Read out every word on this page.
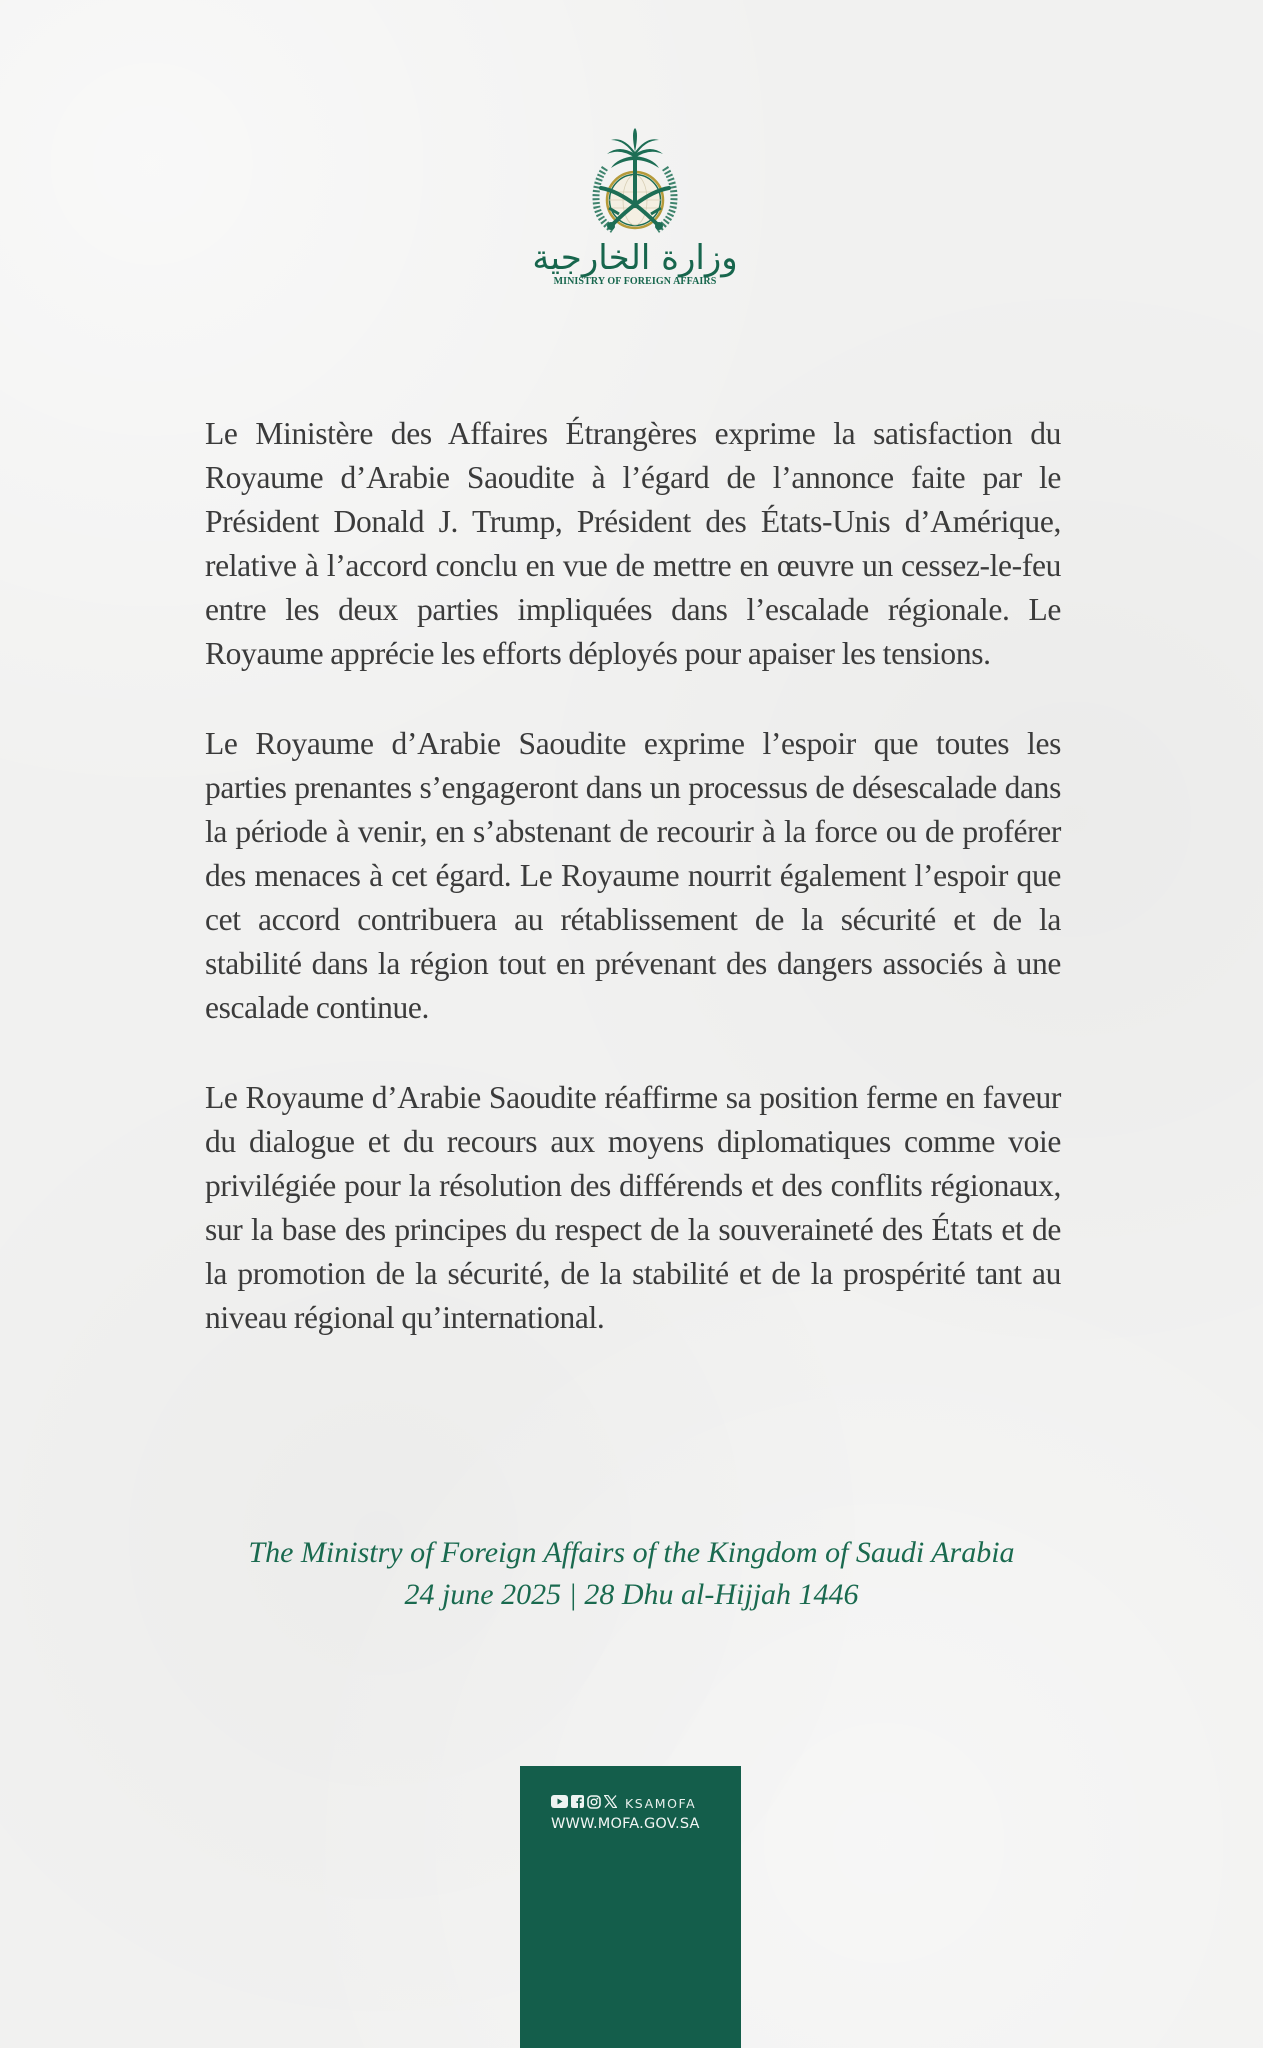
وزارة الخارجية
MINISTRY OF FOREIGN AFFAIRS

Le Ministère des Affaires Étrangères exprime la satisfaction du Royaume d’Arabie Saoudite à l’égard de l’annonce faite par le Président Donald J. Trump, Président des États-Unis d’Amérique, relative à l’accord conclu en vue de mettre en œuvre un cessez-le-feu entre les deux parties impliquées dans l’escalade régionale. Le Royaume apprécie les efforts déployés pour apaiser les tensions.

Le Royaume d’Arabie Saoudite exprime l’espoir que toutes les parties prenantes s’engageront dans un processus de désescalade dans la période à venir, en s’abstenant de recourir à la force ou de proférer des menaces à cet égard. Le Royaume nourrit également l’espoir que cet accord contribuera au rétablissement de la sécurité et de la stabilité dans la région tout en prévenant des dangers associés à une escalade continue.

Le Royaume d’Arabie Saoudite réaffirme sa position ferme en faveur du dialogue et du recours aux moyens diplomatiques comme voie privilégiée pour la résolution des différends et des conflits régionaux, sur la base des principes du respect de la souveraineté des États et de la promotion de la sécurité, de la stabilité et de la prospérité tant au niveau régional qu’international.

The Ministry of Foreign Affairs of the Kingdom of Saudi Arabia
24 june 2025 | 28 Dhu al-Hijjah 1446
KSAMOFA
WWW.MOFA.GOV.SA
